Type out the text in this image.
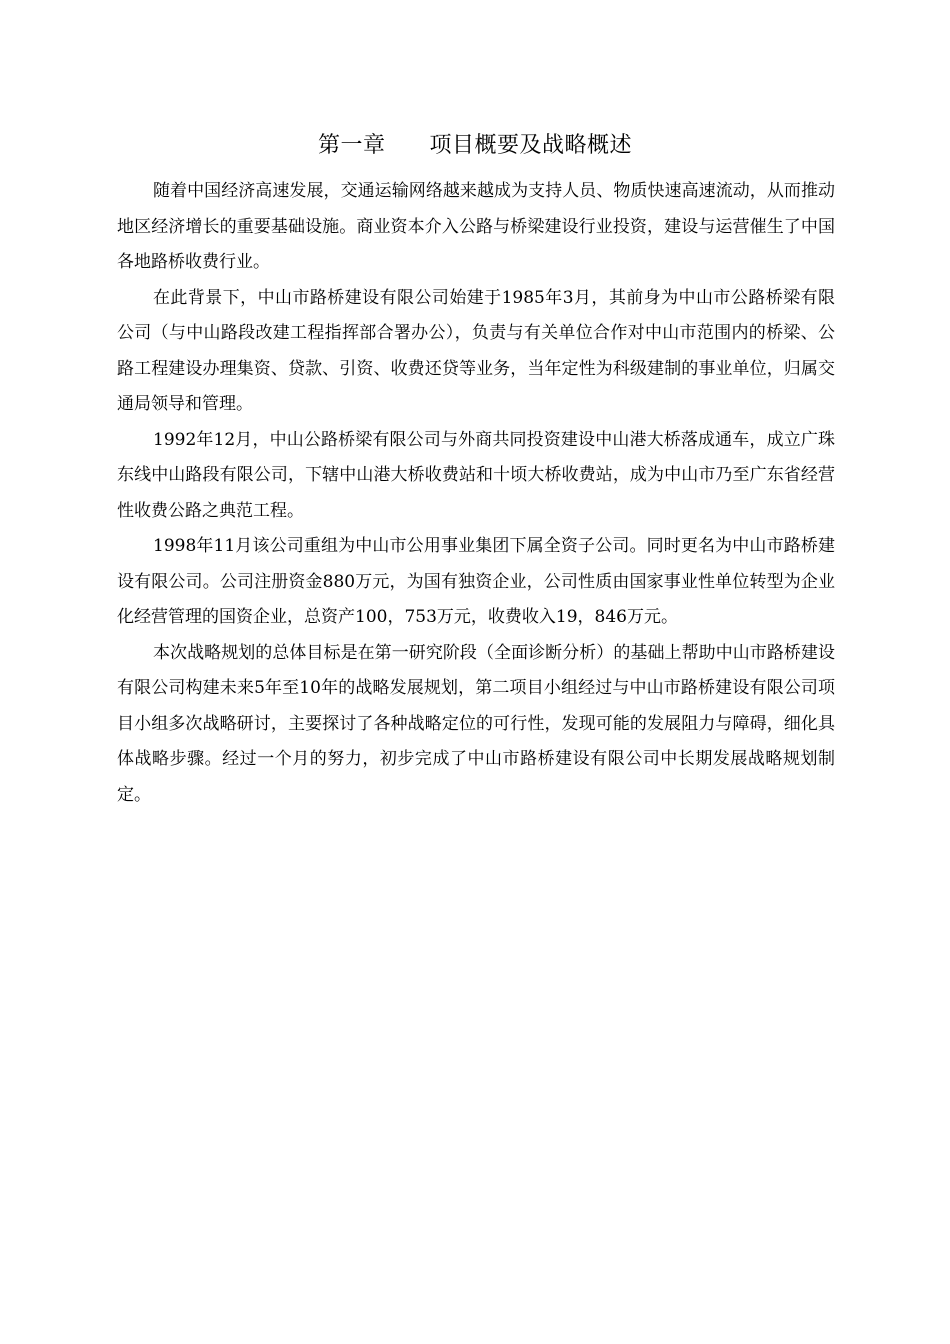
第一章 项目概要及战略概述

随着中国经济高速发展，交通运输网络越来越成为支持人员、物质快速高速流动，从而推动地区经济增长的重要基础设施。商业资本介入公路与桥梁建设行业投资，建设与运营催生了中国各地路桥收费行业。

在此背景下，中山市路桥建设有限公司始建于1985年3月，其前身为中山市公路桥梁有限公司（与中山路段改建工程指挥部合署办公），负责与有关单位合作对中山市范围内的桥梁、公路工程建设办理集资、贷款、引资、收费还贷等业务，当年定性为科级建制的事业单位，归属交通局领导和管理。

1992年12月，中山公路桥梁有限公司与外商共同投资建设中山港大桥落成通车，成立广珠东线中山路段有限公司，下辖中山港大桥收费站和十顷大桥收费站，成为中山市乃至广东省经营性收费公路之典范工程。

1998年11月该公司重组为中山市公用事业集团下属全资子公司。同时更名为中山市路桥建设有限公司。公司注册资金880万元，为国有独资企业，公司性质由国家事业性单位转型为企业化经营管理的国资企业，总资产100，753万元，收费收入19，846万元。

本次战略规划的总体目标是在第一研究阶段（全面诊断分析）的基础上帮助中山市路桥建设有限公司构建未来5年至10年的战略发展规划，第二项目小组经过与中山市路桥建设有限公司项目小组多次战略研讨，主要探讨了各种战略定位的可行性，发现可能的发展阻力与障碍，细化具体战略步骤。经过一个月的努力，初步完成了中山市路桥建设有限公司中长期发展战略规划制定。
